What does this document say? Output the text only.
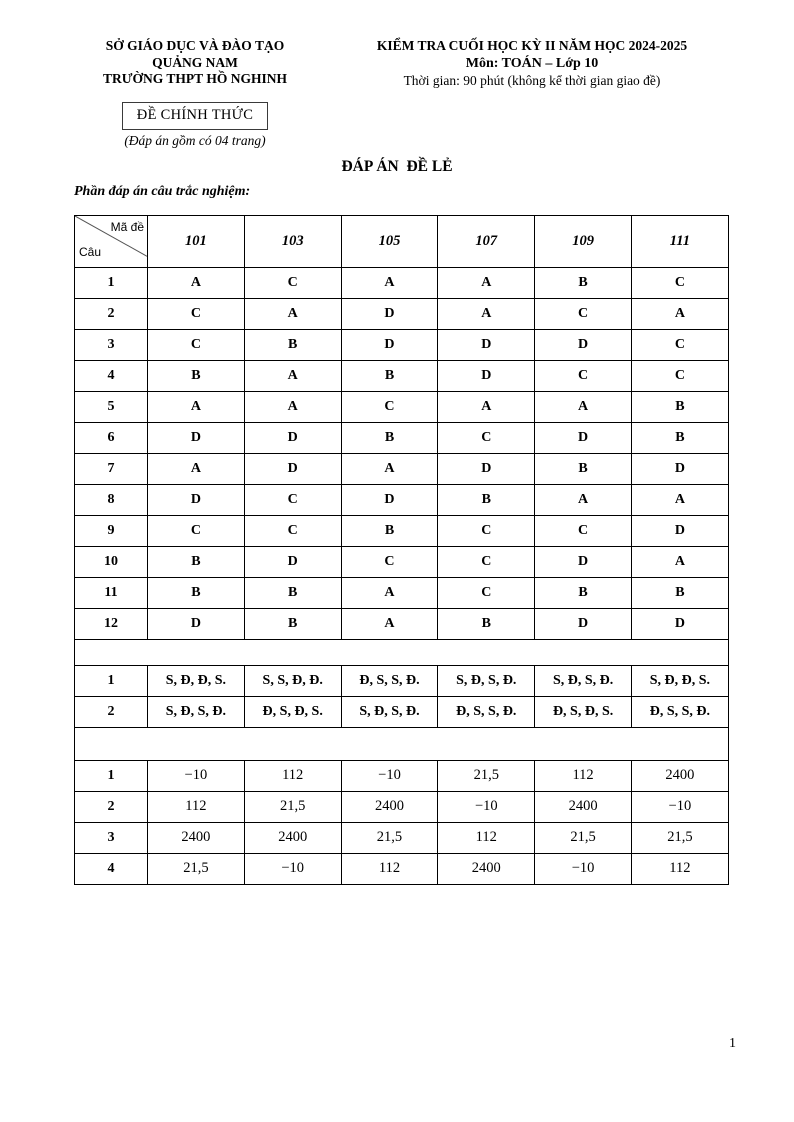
SỞ GIÁO DỤC VÀ ĐÀO TẠO
QUẢNG NAM
TRƯỜNG THPT HỒ NGHINH
ĐỀ CHÍNH THỨC
(Đáp án gồm có 04 trang)
KIỂM TRA CUỐI HỌC KỲ II NĂM HỌC 2024-2025
Môn: TOÁN – Lớp 10
Thời gian: 90 phút (không kể thời gian giao đề)
ĐÁP ÁN  ĐỀ LẺ
Phần đáp án câu trắc nghiệm:
Mã đề
Câu	101	103	105	107	109	111
1	A	C	A	A	B	C
2	C	A	D	A	C	A
3	C	B	D	D	D	C
4	B	A	B	D	C	C
5	A	A	C	A	A	B
6	D	D	B	C	D	B
7	A	D	A	D	B	D
8	D	C	D	B	A	A
9	C	C	B	C	C	D
10	B	D	C	C	D	A
11	B	B	A	C	B	B
12	D	B	A	B	D	D

1	S, Đ, Đ, S.	S, S, Đ, Đ.	Đ, S, S, Đ.	S, Đ, S, Đ.	S, Đ, S, Đ.	S, Đ, Đ, S.
2	S, Đ, S, Đ.	Đ, S, Đ, S.	S, Đ, S, Đ.	Đ, S, S, Đ.	Đ, S, Đ, S.	Đ, S, S, Đ.

1	−10	112	−10	21,5	112	2400
2	112	21,5	2400	−10	2400	−10
3	2400	2400	21,5	112	21,5	21,5
4	21,5	−10	112	2400	−10	112
1
